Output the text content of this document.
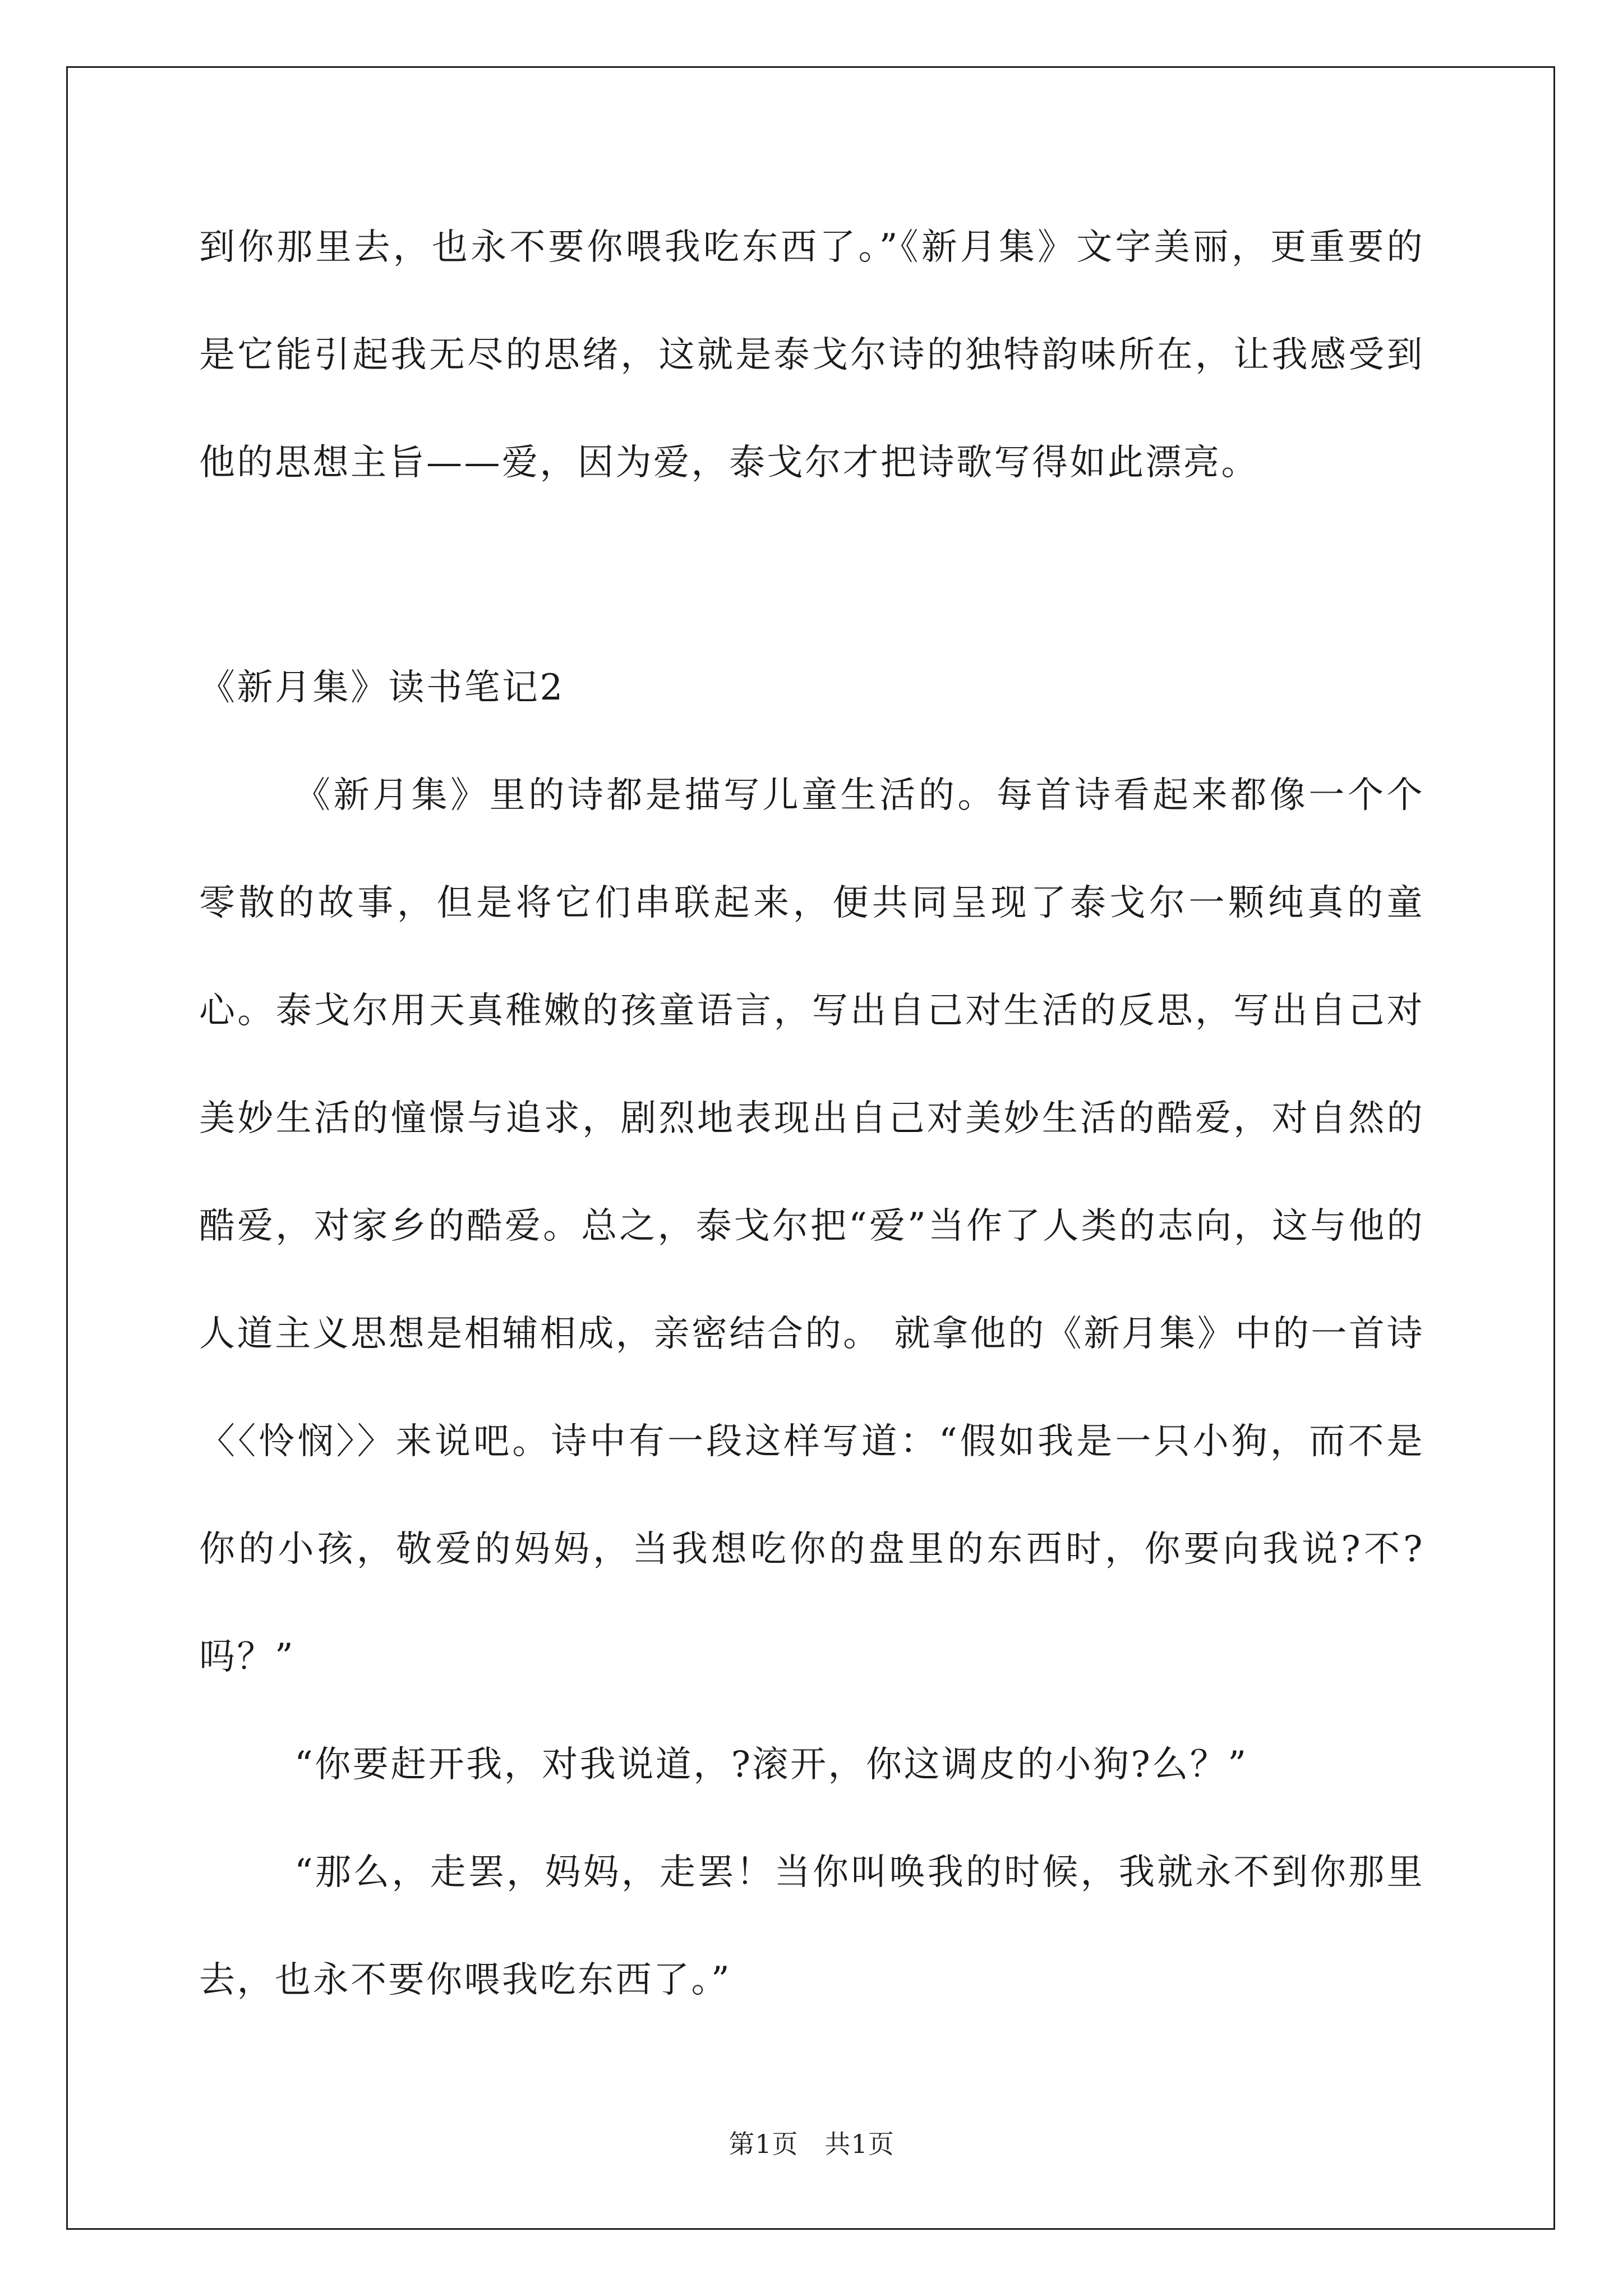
到你那里去，也永不要你喂我吃东西了。”《新月集》文字美丽，更重要的是它能引起我无尽的思绪，这就是泰戈尔诗的独特韵味所在，让我感受到他的思想主旨——爱，因为爱，泰戈尔才把诗歌写得如此漂亮。
《新月集》读书笔记2
《新月集》里的诗都是描写儿童生活的。每首诗看起来都像一个个零散的故事，但是将它们串联起来，便共同呈现了泰戈尔一颗纯真的童心。泰戈尔用天真稚嫩的孩童语言，写出自己对生活的反思，写出自己对美妙生活的憧憬与追求，剧烈地表现出自己对美妙生活的酷爱，对自然的酷爱，对家乡的酷爱。总之，泰戈尔把“爱”当作了人类的志向，这与他的人道主义思想是相辅相成，亲密结合的。 就拿他的《新月集》中的一首诗〈〈怜悯〉〉来说吧。诗中有一段这样写道：“假如我是一只小狗，而不是你的小孩，敬爱的妈妈，当我想吃你的盘里的东西时，你要向我说?不?吗？”
“你要赶开我，对我说道，?滚开，你这调皮的小狗?么？”
“那么，走罢，妈妈，走罢！当你叫唤我的时候，我就永不到你那里去，也永不要你喂我吃东西了。”
第1页　共1页
